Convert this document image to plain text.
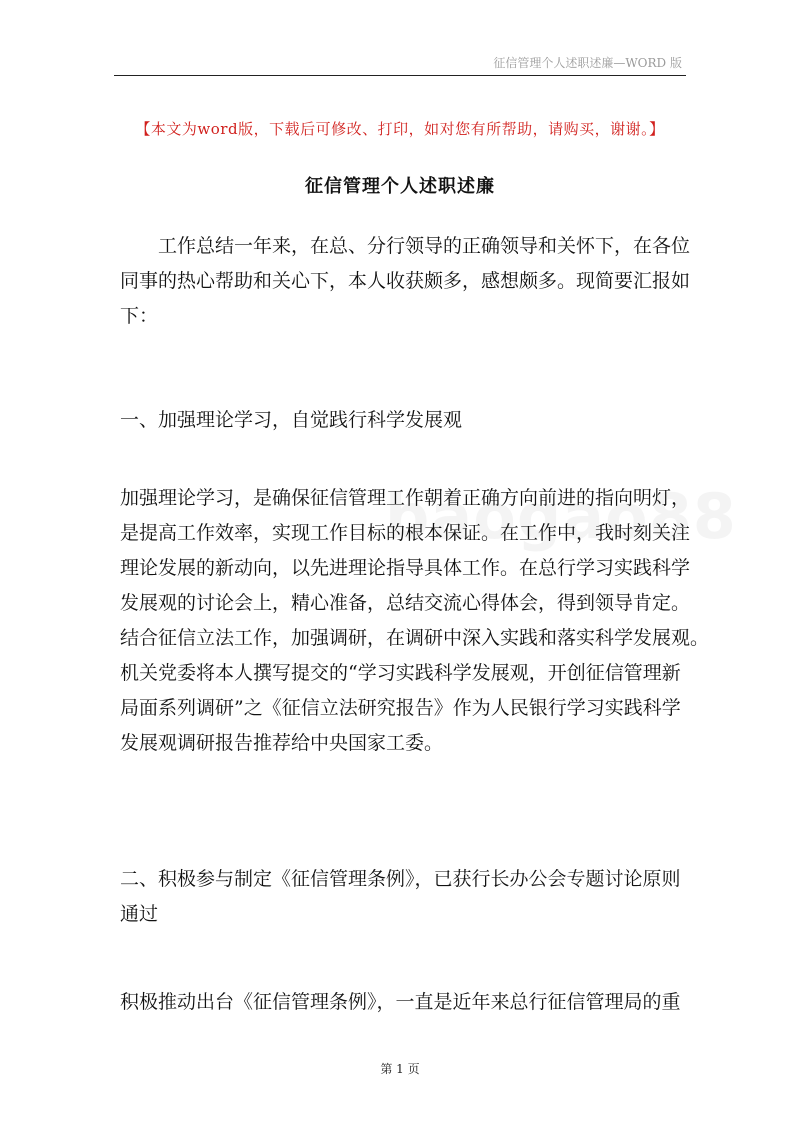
征信管理个人述职述廉—WORD 版
【本文为word版，下载后可修改、打印，如对您有所帮助，请购买，谢谢。】
征信管理个人述职述廉
工作总结一年来，在总、分行领导的正确领导和关怀下，在各位
同事的热心帮助和关心下，本人收获颇多，感想颇多。现简要汇报如
下：
一、加强理论学习，自觉践行科学发展观
加强理论学习，是确保征信管理工作朝着正确方向前进的指向明灯，
是提高工作效率，实现工作目标的根本保证。在工作中，我时刻关注
理论发展的新动向，以先进理论指导具体工作。在总行学习实践科学
发展观的讨论会上，精心准备，总结交流心得体会，得到领导肯定。
结合征信立法工作，加强调研，在调研中深入实践和落实科学发展观。
机关党委将本人撰写提交的“学习实践科学发展观，开创征信管理新
局面系列调研”之《征信立法研究报告》作为人民银行学习实践科学
发展观调研报告推荐给中央国家工委。
二、积极参与制定《征信管理条例》，已获行长办公会专题讨论原则
通过
积极推动出台《征信管理条例》，一直是近年来总行征信管理局的重
第 1 页
